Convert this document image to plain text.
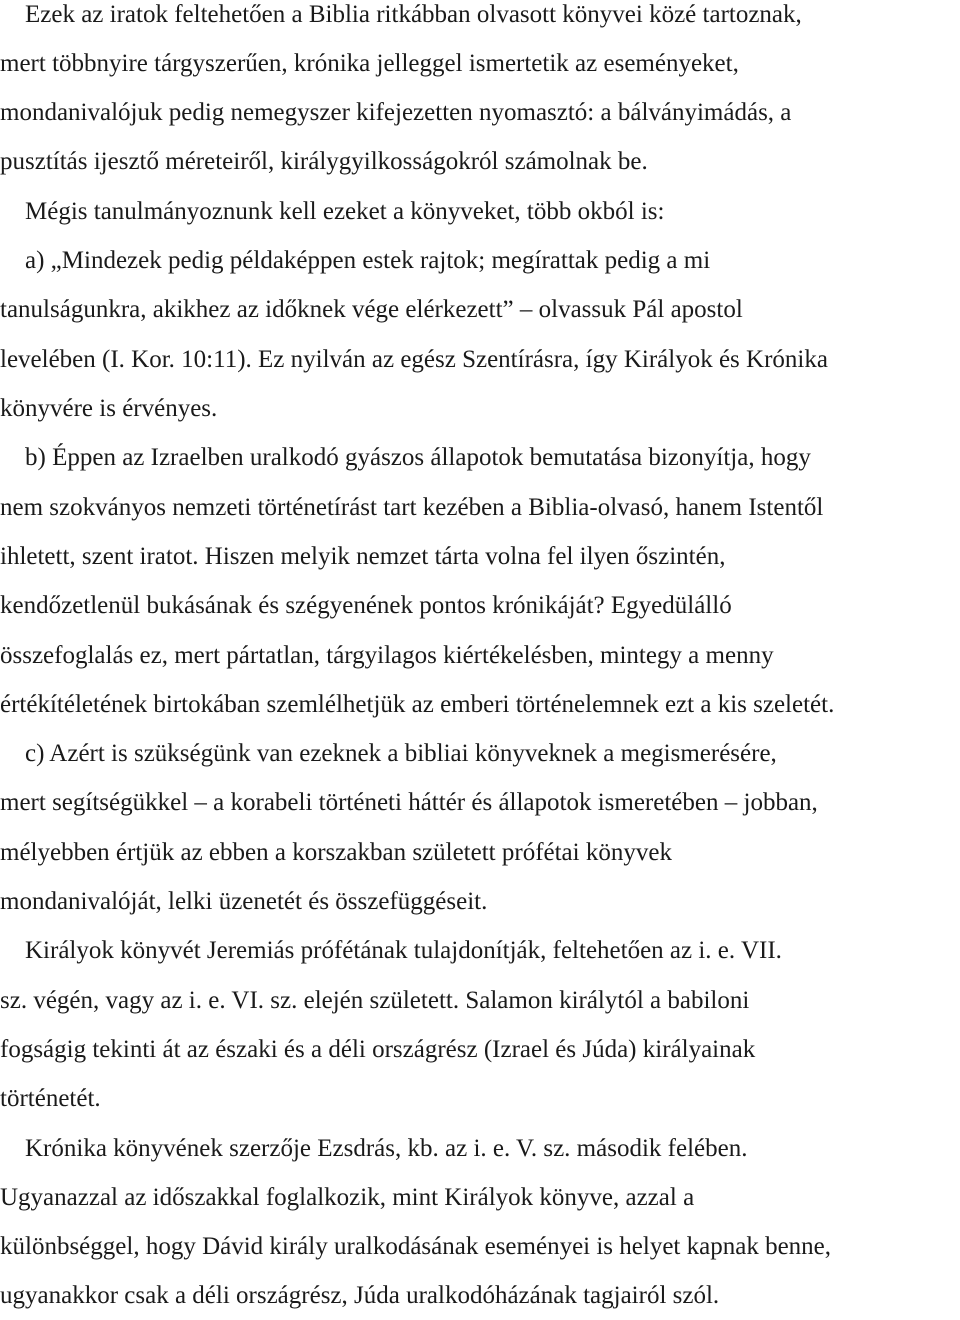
Ezek az iratok feltehetően a Biblia ritkábban olvasott könyvei közé tartoznak,
mert többnyire tárgyszerűen, krónika jelleggel ismertetik az eseményeket,
mondanivalójuk pedig nemegyszer kifejezetten nyomasztó: a bálványimádás, a
pusztítás ijesztő méreteiről, királygyilkosságokról számolnak be.
Mégis tanulmányoznunk kell ezeket a könyveket, több okból is:
a) „Mindezek pedig példaképpen estek rajtok; megírattak pedig a mi
tanulságunkra, akikhez az időknek vége elérkezett” – olvassuk Pál apostol
levelében (I. Kor. 10:11). Ez nyilván az egész Szentírásra, így Királyok és Krónika
könyvére is érvényes.
b) Éppen az Izraelben uralkodó gyászos állapotok bemutatása bizonyítja, hogy
nem szokványos nemzeti történetírást tart kezében a Biblia-olvasó, hanem Istentől
ihletett, szent iratot. Hiszen melyik nemzet tárta volna fel ilyen őszintén,
kendőzetlenül bukásának és szégyenének pontos krónikáját? Egyedülálló
összefoglalás ez, mert pártatlan, tárgyilagos kiértékelésben, mintegy a menny
értékítéletének birtokában szemlélhetjük az emberi történelemnek ezt a kis szeletét.
c) Azért is szükségünk van ezeknek a bibliai könyveknek a megismerésére,
mert segítségükkel – a korabeli történeti háttér és állapotok ismeretében – jobban,
mélyebben értjük az ebben a korszakban született prófétai könyvek
mondanivalóját, lelki üzenetét és összefüggéseit.
Királyok könyvét Jeremiás prófétának tulajdonítják, feltehetően az i. e. VII.
sz. végén, vagy az i. e. VI. sz. elején született. Salamon királytól a babiloni
fogságig tekinti át az északi és a déli országrész (Izrael és Júda) királyainak
történetét.
Krónika könyvének szerzője Ezsdrás, kb. az i. e. V. sz. második felében.
Ugyanazzal az időszakkal foglalkozik, mint Királyok könyve, azzal a
különbséggel, hogy Dávid király uralkodásának eseményei is helyet kapnak benne,
ugyanakkor csak a déli országrész, Júda uralkodóházának tagjairól szól.
